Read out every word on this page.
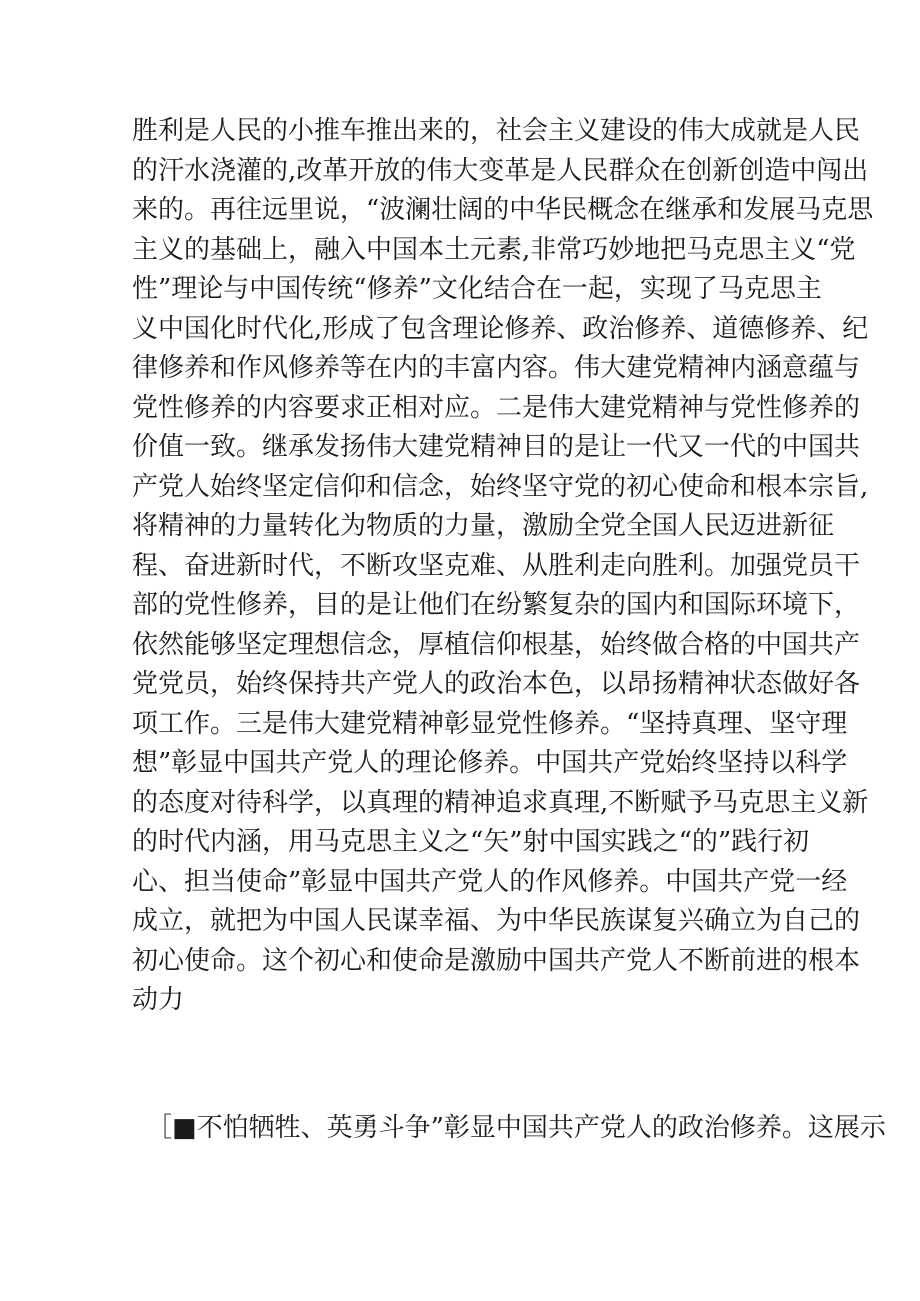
胜利是人民的小推车推出来的，社会主义建设的伟大成就是人民
的汗水浇灌的,改革开放的伟大变革是人民群众在创新创造中闯出
来的。再往远里说，“波澜壮阔的中华民概念在继承和发展马克思
主义的基础上，融入中国本土元素,非常巧妙地把马克思主义“党
性”理论与中国传统“修养”文化结合在一起，实现了马克思主
义中国化时代化,形成了包含理论修养、政治修养、道德修养、纪
律修养和作风修养等在内的丰富内容。伟大建党精神内涵意蕴与
党性修养的内容要求正相对应。二是伟大建党精神与党性修养的
价值一致。继承发扬伟大建党精神目的是让一代又一代的中国共
产党人始终坚定信仰和信念，始终坚守党的初心使命和根本宗旨,
将精神的力量转化为物质的力量，激励全党全国人民迈进新征
程、奋进新时代，不断攻坚克难、从胜利走向胜利。加强党员干
部的党性修养，目的是让他们在纷繁复杂的国内和国际环境下，
依然能够坚定理想信念，厚植信仰根基，始终做合格的中国共产
党党员，始终保持共产党人的政治本色，以昂扬精神状态做好各
项工作。三是伟大建党精神彰显党性修养。“坚持真理、坚守理
想”彰显中国共产党人的理论修养。中国共产党始终坚持以科学
的态度对待科学，以真理的精神追求真理,不断赋予马克思主义新
的时代内涵，用马克思主义之“矢”射中国实践之“的”践行初
心、担当使命”彰显中国共产党人的作风修养。中国共产党一经
成立，就把为中国人民谋幸福、为中华民族谋复兴确立为自己的
初心使命。这个初心和使命是激励中国共产党人不断前进的根本
动力
［■不怕牺牲、英勇斗争”彰显中国共产党人的政治修养。这展示
